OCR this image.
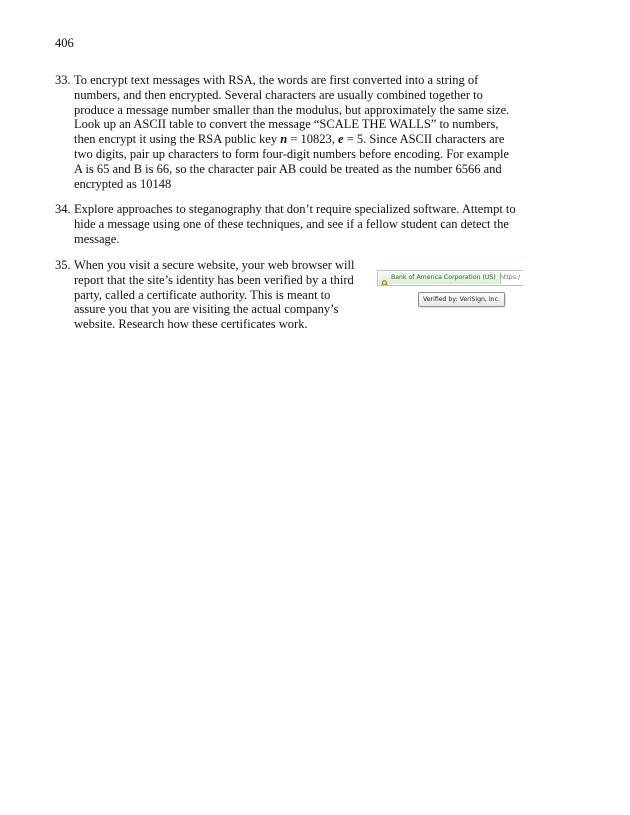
406

33. To encrypt text messages with RSA, the words are first converted into a string of numbers, and then encrypted. Several characters are usually combined together to produce a message number smaller than the modulus, but approximately the same size. Look up an ASCII table to convert the message “SCALE THE WALLS” to numbers, then encrypt it using the RSA public key n = 10823, e = 5. Since ASCII characters are two digits, pair up characters to form four-digit numbers before encoding. For example A is 65 and B is 66, so the character pair AB could be treated as the number 6566 and encrypted as 10148
34. Explore approaches to steganography that don’t require specialized software. Attempt to hide a message using one of these techniques, and see if a fellow student can detect the message.
35. When you visit a secure website, your web browser will report that the site’s identity has been verified by a third party, called a certificate authority. This is meant to assure you that you are visiting the actual company’s website. Research how these certificates work.
Bank of America Corporation (US) https:/
Verified by: VeriSign, Inc.
